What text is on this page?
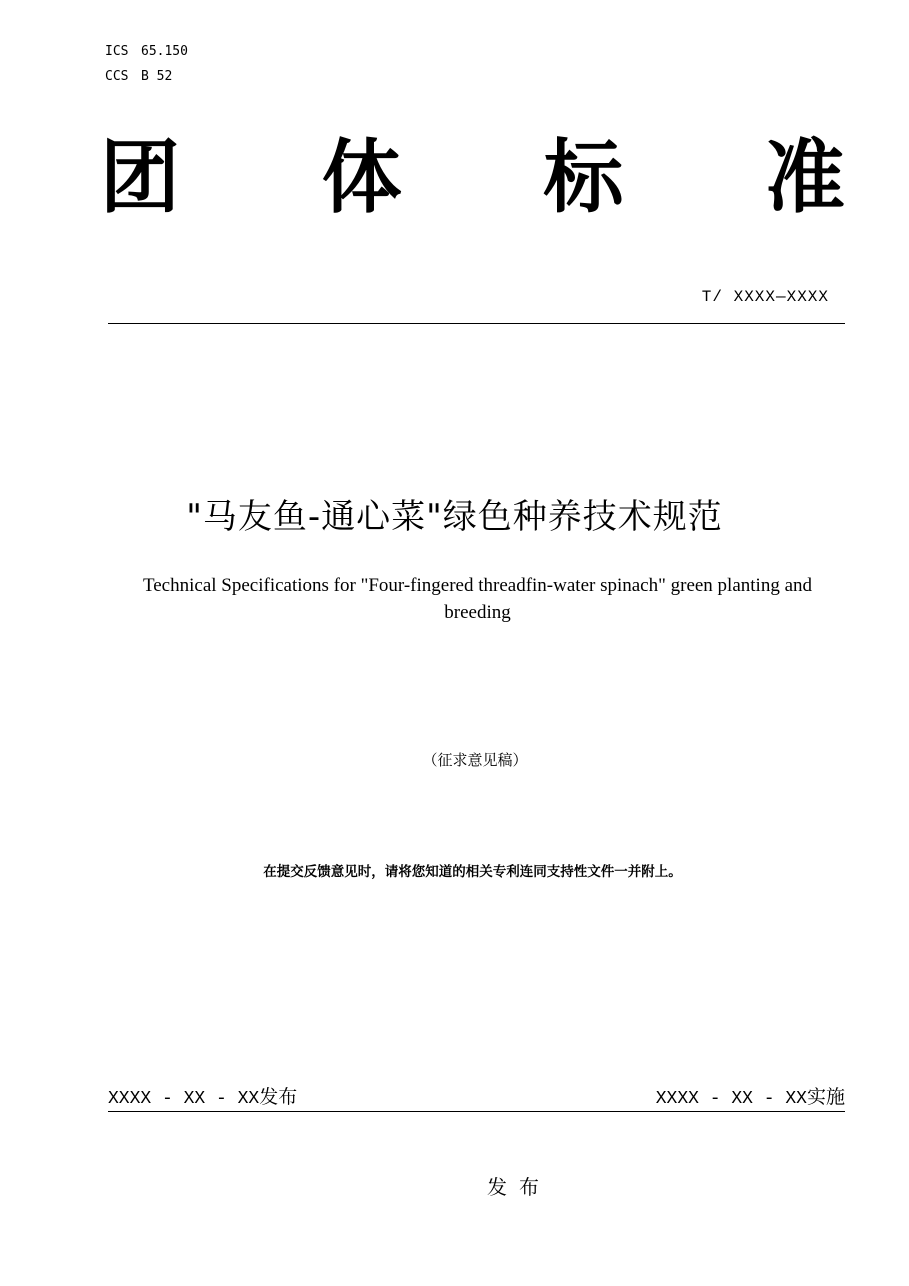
ICS 65.150
CCS B 52
团 体 标 准
T/ XXXX—XXXX
"马友鱼-通心菜"绿色种养技术规范
Technical Specifications for "Four-fingered threadfin-water spinach" green planting and breeding
（征求意见稿）
在提交反馈意见时，请将您知道的相关专利连同支持性文件一并附上。
XXXX - XX - XX发布	XXXX - XX - XX实施
发布
